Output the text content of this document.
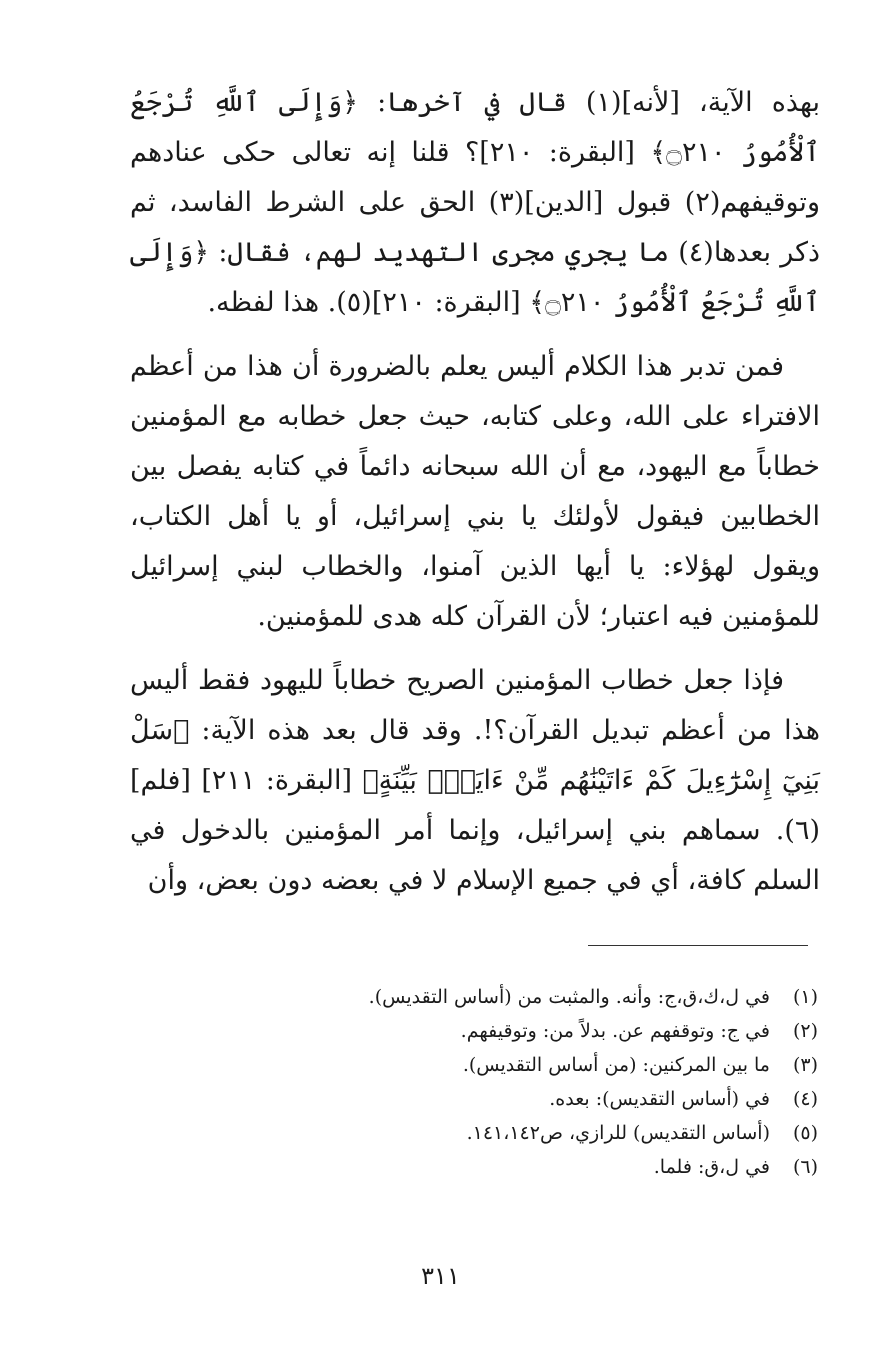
بهذه الآية، [لأنه](١) قال في آخرها: ﴿وَإِلَى ٱللَّهِ تُرْجَعُ ٱلْأُمُورُ ۝٢١٠﴾ [البقرة: ٢١٠]؟ قلنا إنه تعالى حكى عنادهم وتوقيفهم(٢) قبول [الدين](٣) الحق على الشرط الفاسد، ثم ذكر بعدها(٤) ما يجري مجرى التهديد لهم، فقال: ﴿وَإِلَى ٱللَّهِ تُرْجَعُ ٱلْأُمُورُ ۝٢١٠﴾ [البقرة: ٢١٠](٥). هذا لفظه.

فمن تدبر هذا الكلام أليس يعلم بالضرورة أن هذا من أعظم الافتراء على الله، وعلى كتابه، حيث جعل خطابه مع المؤمنين خطاباً مع اليهود، مع أن الله سبحانه دائماً في كتابه يفصل بين الخطابين فيقول لأولئك يا بني إسرائيل، أو يا أهل الكتاب، ويقول لهؤلاء: يا أيها الذين آمنوا، والخطاب لبني إسرائيل للمؤمنين فيه اعتبار؛ لأن القرآن كله هدى للمؤمنين.

فإذا جعل خطاب المؤمنين الصريح خطاباً لليهود فقط أليس هذا من أعظم تبديل القرآن؟!. وقد قال بعد هذه الآية: ﴿سَلْ بَنِيٓ إِسْرَٰٓءِيلَ كَمْ ءَاتَيْنَٰهُم مِّنْ ءَايَةٍۭ بَيِّنَةٍ﴾ [البقرة: ٢١١] [فلم](٦). سماهم بني إسرائيل، وإنما أمر المؤمنين بالدخول في السلم كافة، أي في جميع الإسلام لا في بعضه دون بعض، وأن

(١)
في ل،ك،ق،ج: وأنه. والمثبت من (أساس التقديس).
(٢)
في ج: وتوقفهم عن. بدلاً من: وتوقيفهم.
(٣)
ما بين المركنين: (من أساس التقديس).
(٤)
في (أساس التقديس): بعده.
(٥)
(أساس التقديس) للرازي، ص١٤١،١٤٢.
(٦)
في ل،ق: فلما.
٣١١
